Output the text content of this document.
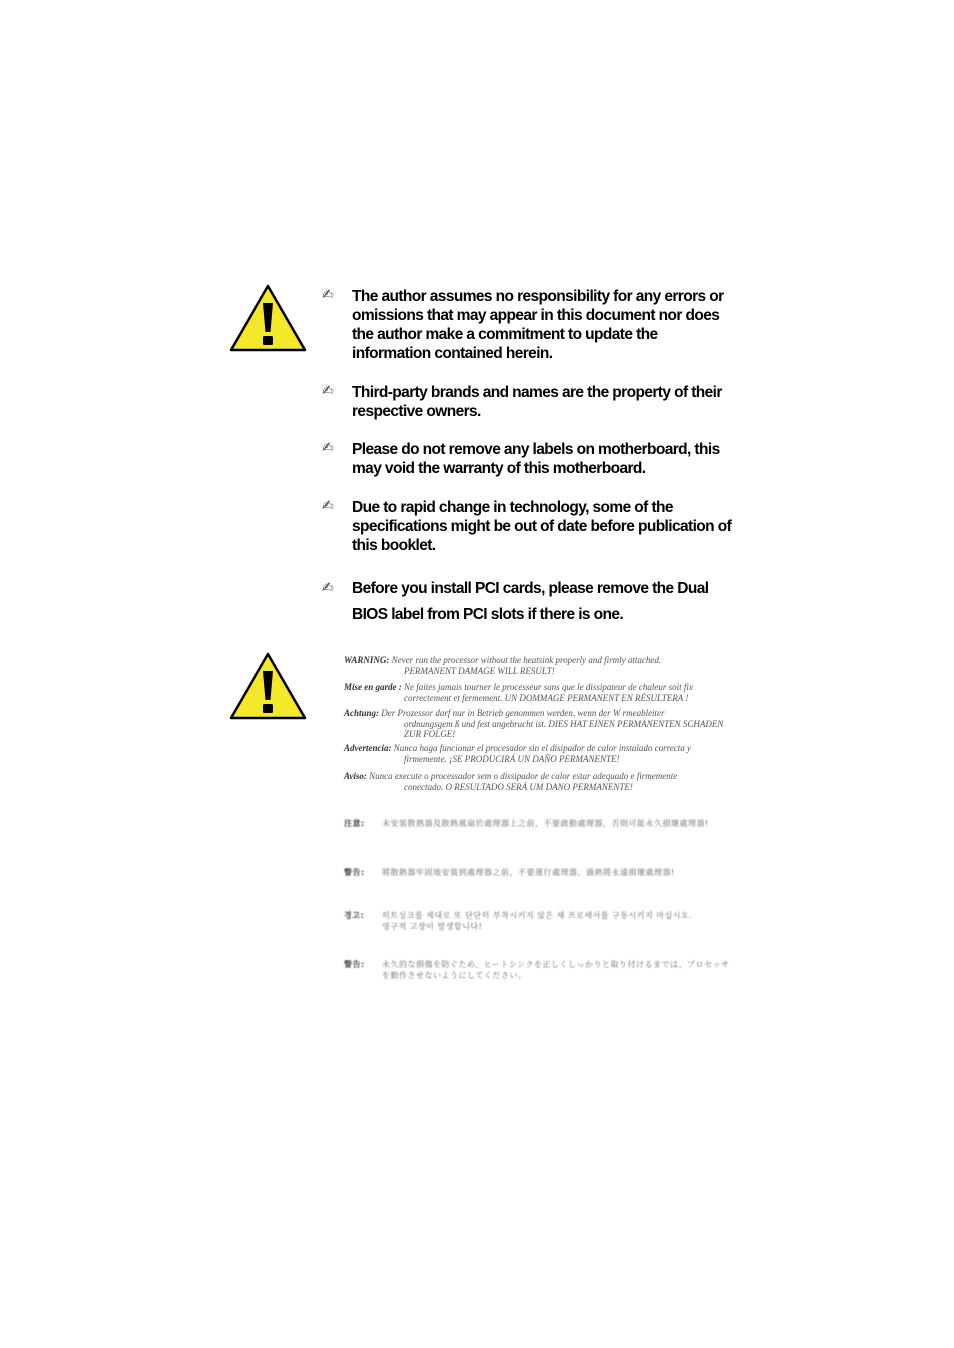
✍	The author assumes no responsibility for any errors or omissions that may appear in this document nor does the author make a commitment to update the information contained herein.
✍	Third-party brands and names are the property of their respective owners.
✍	Please do not remove any labels on motherboard, this may void the warranty of this motherboard.
✍	Due to rapid change in technology, some of the specifications might be out of date before publication of this booklet.
✍	Before you install PCI cards, please remove the Dual BIOS label from PCI slots if there is one.
WARNING: Never run the processor without the heatsink properly and firmly attached.
PERMANENT DAMAGE WILL RESULT!
Mise en garde : Ne faites jamais tourner le processeur sans que le dissipateur de chaleur soit fix
correctement et fermement. UN DOMMAGE PERMANENT EN RÉSULTERA !
Achtung: Der Prozessor darf nur in Betrieb genommen werden, wenn der W rmeableiter
ordnungsgem ß und fest angebracht ist. DIES HAT EINEN PERMANENTEN SCHADEN ZUR FOLGE!
Advertencia: Nunca haga funcionar el procesador sin el disipador de calor instalado correcta y
firmemente. ¡SE PRODUCIRÁ UN DAÑO PERMANENTE!
Aviso: Nunca execute o processador sem o dissipador de calor estar adequado e firmemente
conectado. O RESULTADO SERÁ UM DANO PERMANENTE!
注意: 未安裝散熱器及散熱風扇於處理器上之前，不要啟動處理器，否則可能永久損壞處理器!
警告: 將散熱器牢固地安裝到處理器之前，不要運行處理器。過熱將永遠損壞處理器!
경고: 히트싱크를 제대로 또 단단히 부착시키지 않은 채 프로세서를 구동시키지 마십시오.
영구적 고장이 발생합니다!
警告: 永久的な損傷を防ぐため、ヒートシンクを正しくしっかりと取り付けるまでは、プロセッサ
を動作させないようにしてください。
